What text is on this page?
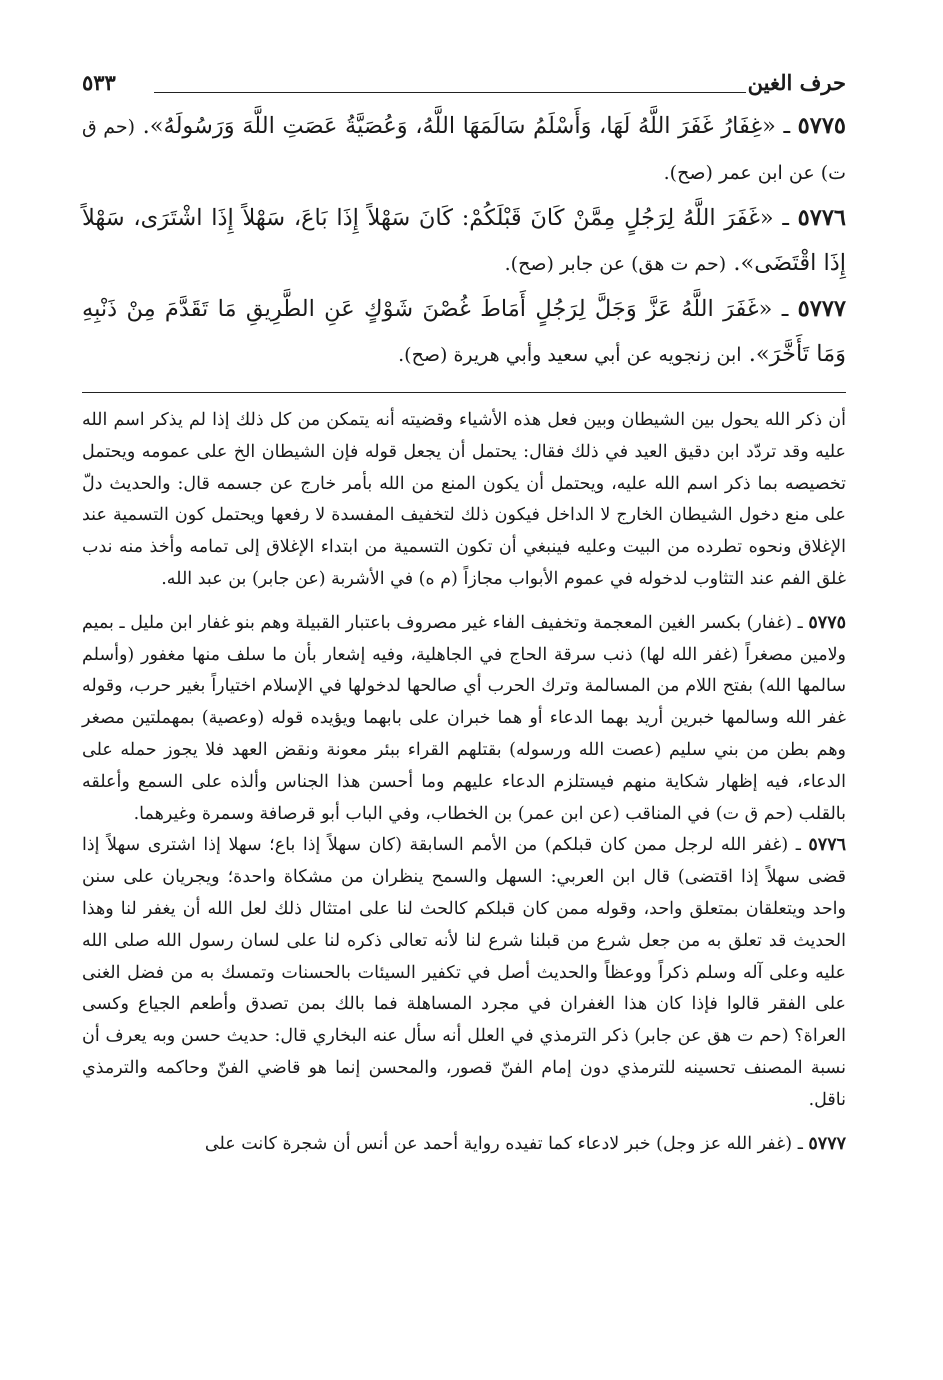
حرف الغين
٥٣٣

٥٧٧٥ ـ «غِفَارُ غَفَرَ اللَّهُ لَهَا، وَأَسْلَمُ سَالَمَهَا اللَّهُ، وَعُصَيَّةُ عَصَتِ اللَّهَ وَرَسُولَهُ». (حم ق ت) عن ابن عمر (صح).

٥٧٧٦ ـ «غَفَرَ اللَّهُ لِرَجُلٍ مِمَّنْ كَانَ قَبْلَكُمْ: كَانَ سَهْلاً إِذَا بَاعَ، سَهْلاً إِذَا اشْتَرَى، سَهْلاً إِذَا اقْتَضَى». (حم ت هق) عن جابر (صح).

٥٧٧٧ ـ «غَفَرَ اللَّهُ عَزَّ وَجَلَّ لِرَجُلٍ أَمَاطَ غُصْنَ شَوْكٍ عَنِ الطَّرِيقِ مَا تَقَدَّمَ مِنْ ذَنْبِهِ وَمَا تَأَخَّرَ». ابن زنجويه عن أبي سعيد وأبي هريرة (صح).

أن ذكر الله يحول بين الشيطان وبين فعل هذه الأشياء وقضيته أنه يتمكن من كل ذلك إذا لم يذكر اسم الله عليه وقد تردّد ابن دقيق العيد في ذلك فقال: يحتمل أن يجعل قوله فإن الشيطان الخ على عمومه ويحتمل تخصيصه بما ذكر اسم الله عليه، ويحتمل أن يكون المنع من الله بأمر خارج عن جسمه قال: والحديث دلّ على منع دخول الشيطان الخارج لا الداخل فيكون ذلك لتخفيف المفسدة لا رفعها ويحتمل كون التسمية عند الإغلاق ونحوه تطرده من البيت وعليه فينبغي أن تكون التسمية من ابتداء الإغلاق إلى تمامه وأخذ منه ندب غلق الفم عند التثاوب لدخوله في عموم الأبواب مجازاً (م ه) في الأشربة (عن جابر) بن عبد الله.

٥٧٧٥ ـ (غفار) بكسر الغين المعجمة وتخفيف الفاء غير مصروف باعتبار القبيلة وهم بنو غفار ابن مليل ـ بميم ولامين مصغراً (غفر الله لها) ذنب سرقة الحاج في الجاهلية، وفيه إشعار بأن ما سلف منها مغفور (وأسلم سالمها الله) بفتح اللام من المسالمة وترك الحرب أي صالحها لدخولها في الإسلام اختياراً بغير حرب، وقوله غفر الله وسالمها خبرين أريد بهما الدعاء أو هما خبران على بابهما ويؤيده قوله (وعصية) بمهملتين مصغر وهم بطن من بني سليم (عصت الله ورسوله) بقتلهم القراء ببئر معونة ونقض العهد فلا يجوز حمله على الدعاء، فيه إظهار شكاية منهم فيستلزم الدعاء عليهم وما أحسن هذا الجناس وألذه على السمع وأعلقه بالقلب (حم ق ت) في المناقب (عن ابن عمر) بن الخطاب، وفي الباب أبو قرصافة وسمرة وغيرهما.

٥٧٧٦ ـ (غفر الله لرجل ممن كان قبلكم) من الأمم السابقة (كان سهلاً إذا باع؛ سهلا إذا اشترى سهلاً إذا قضى سهلاً إذا اقتضى) قال ابن العربي: السهل والسمح ينظران من مشكاة واحدة؛ ويجريان على سنن واحد ويتعلقان بمتعلق واحد، وقوله ممن كان قبلكم كالحث لنا على امتثال ذلك لعل الله أن يغفر لنا وهذا الحديث قد تعلق به من جعل شرع من قبلنا شرع لنا لأنه تعالى ذكره لنا على لسان رسول الله صلى الله عليه وعلى آله وسلم ذكراً ووعظاً والحديث أصل في تكفير السيئات بالحسنات وتمسك به من فضل الغنى على الفقر قالوا فإذا كان هذا الغفران في مجرد المساهلة فما بالك بمن تصدق وأطعم الجياع وكسى العراة؟ (حم ت هق عن جابر) ذكر الترمذي في العلل أنه سأل عنه البخاري قال: حديث حسن وبه يعرف أن نسبة المصنف تحسينه للترمذي دون إمام الفنّ قصور، والمحسن إنما هو قاضي الفنّ وحاكمه والترمذي ناقل.

٥٧٧٧ ـ (غفر الله عز وجل) خبر لادعاء كما تفيده رواية أحمد عن أنس أن شجرة كانت على
